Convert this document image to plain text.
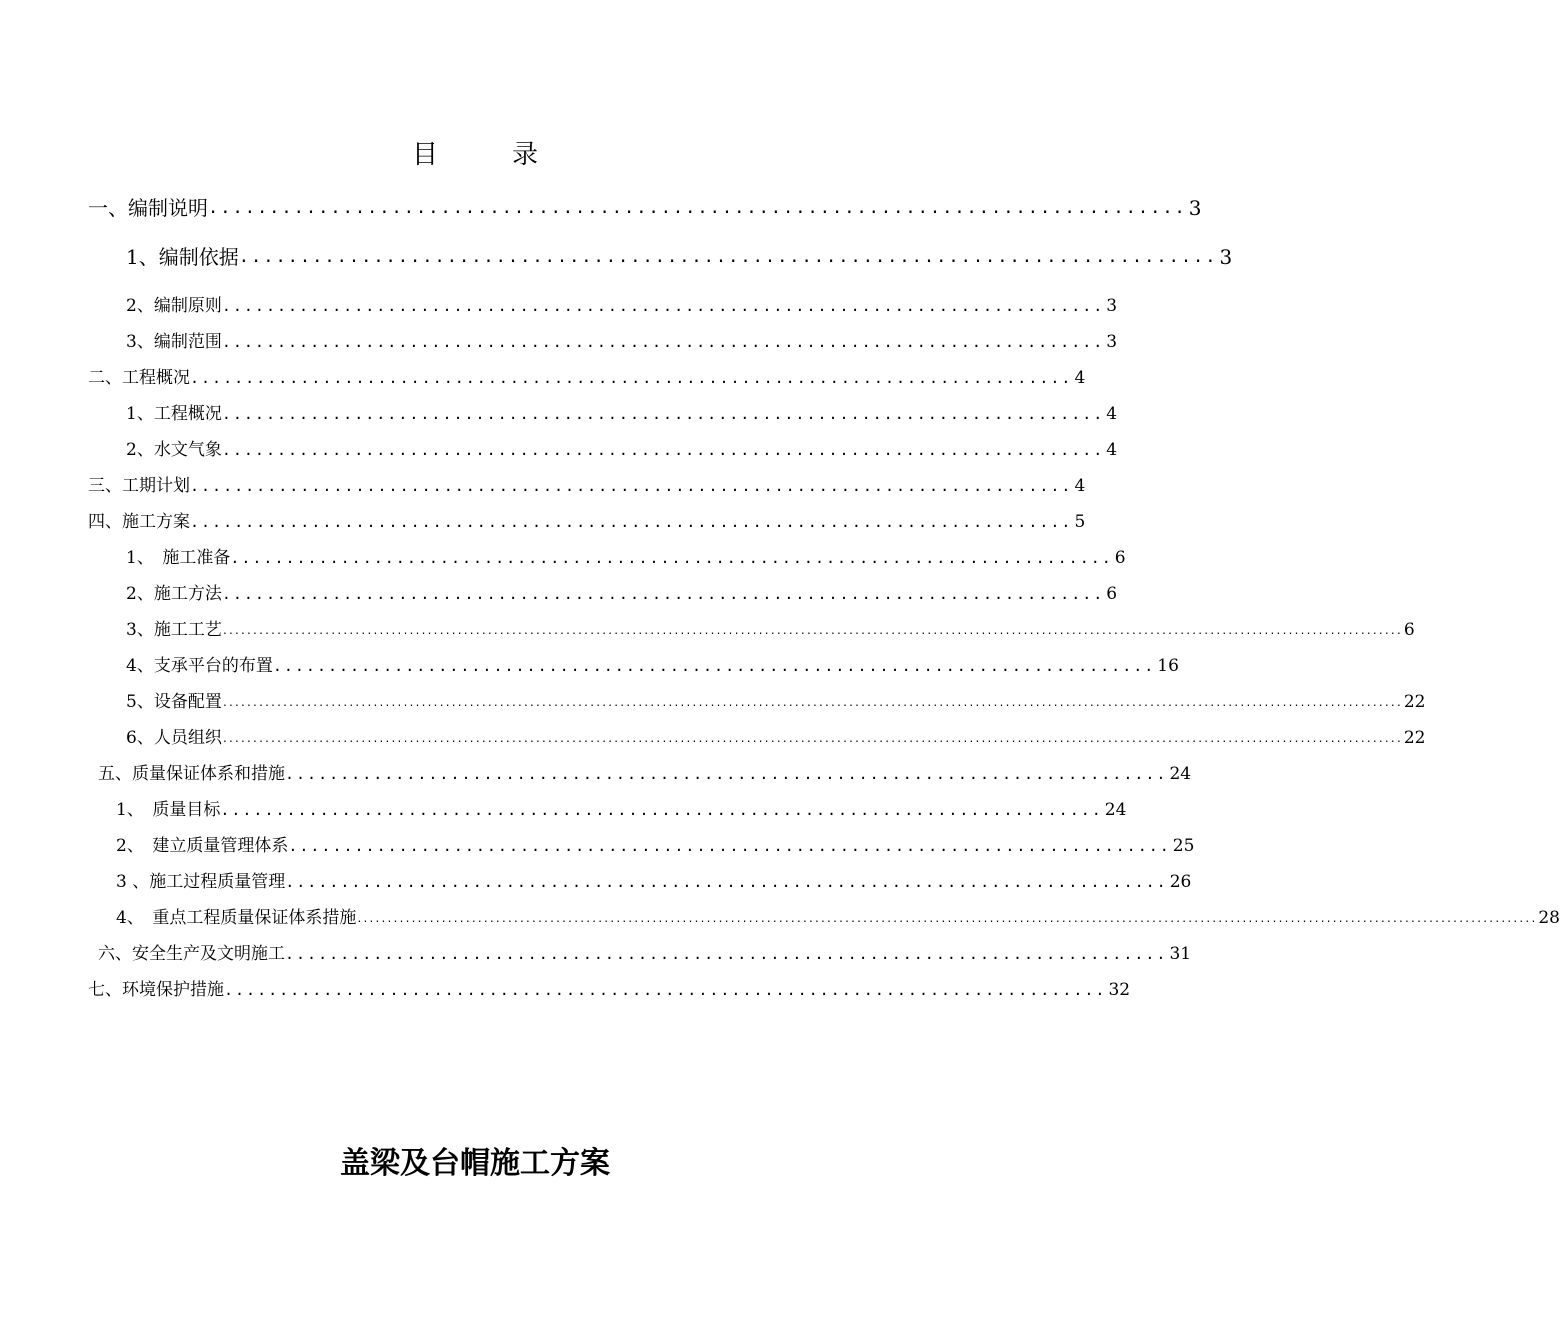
目　录
一、编制说明 ................................................................................ 3
1、编制依据 ................................................................................ 3
2、编制原则 ................................................................................ 3
3、编制范围 ................................................................................ 3
二、工程概况 ................................................................................ 4
1、工程概况 ................................................................................ 4
2、水文气象 ................................................................................ 4
三、工期计划 ................................................................................ 4
四、施工方案 ................................................................................ 5
1、　施工准备 ................................................................................ 6
2、施工方法 ................................................................................ 6
3、施工工艺 .................................................................................................................................................................................................... 6
4、支承平台的布置 ................................................................................ 16
5、设备配置 .................................................................................................................................................................................................... 22
6、人员组织 .................................................................................................................................................................................................... 22
五、质量保证体系和措施 ................................................................................ 24
1、　质量目标 ................................................................................ 24
2、　建立质量管理体系 ................................................................................ 25
3 、施工过程质量管理 ................................................................................ 26
4、　重点工程质量保证体系措施 .................................................................................................................................................................................................... 28
六、安全生产及文明施工 ................................................................................ 31
七、环境保护措施 ................................................................................ 32
盖梁及台帽施工方案
